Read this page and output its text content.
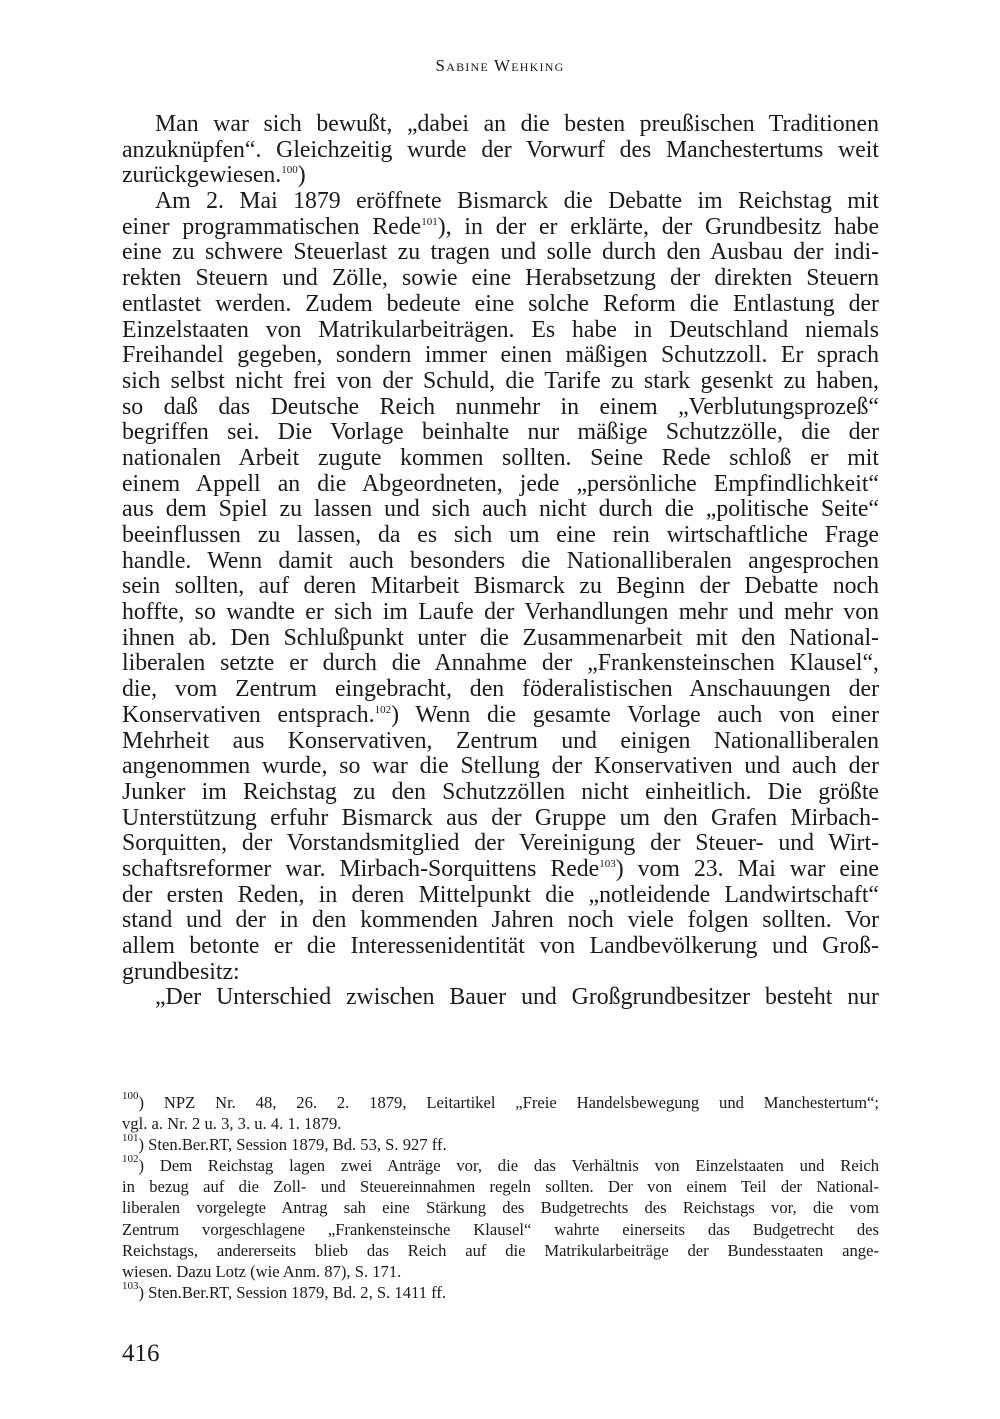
Sabine Wehking
Man war sich bewußt, „dabei an die besten preußischen Traditionen
anzuknüpfen“. Gleichzeitig wurde der Vorwurf des Manchestertums weit
zurückgewiesen.$^{100}$)
Am 2. Mai 1879 eröffnete Bismarck die Debatte im Reichstag mit
einer programmatischen Rede$^{101}$), in der er erklärte, der Grundbesitz habe
eine zu schwere Steuerlast zu tragen und solle durch den Ausbau der indi-
rekten Steuern und Zölle, sowie eine Herabsetzung der direkten Steuern
entlastet werden. Zudem bedeute eine solche Reform die Entlastung der
Einzelstaaten von Matrikularbeiträgen. Es habe in Deutschland niemals
Freihandel gegeben, sondern immer einen mäßigen Schutzzoll. Er sprach
sich selbst nicht frei von der Schuld, die Tarife zu stark gesenkt zu haben,
so daß das Deutsche Reich nunmehr in einem „Verblutungsprozeß“
begriffen sei. Die Vorlage beinhalte nur mäßige Schutzzölle, die der
nationalen Arbeit zugute kommen sollten. Seine Rede schloß er mit
einem Appell an die Abgeordneten, jede „persönliche Empfindlichkeit“
aus dem Spiel zu lassen und sich auch nicht durch die „politische Seite“
beeinflussen zu lassen, da es sich um eine rein wirtschaftliche Frage
handle. Wenn damit auch besonders die Nationalliberalen angesprochen
sein sollten, auf deren Mitarbeit Bismarck zu Beginn der Debatte noch
hoffte, so wandte er sich im Laufe der Verhandlungen mehr und mehr von
ihnen ab. Den Schlußpunkt unter die Zusammenarbeit mit den National-
liberalen setzte er durch die Annahme der „Frankensteinschen Klausel“,
die, vom Zentrum eingebracht, den föderalistischen Anschauungen der
Konservativen entsprach.$^{102}$) Wenn die gesamte Vorlage auch von einer
Mehrheit aus Konservativen, Zentrum und einigen Nationalliberalen
angenommen wurde, so war die Stellung der Konservativen und auch der
Junker im Reichstag zu den Schutzzöllen nicht einheitlich. Die größte
Unterstützung erfuhr Bismarck aus der Gruppe um den Grafen Mirbach-
Sorquitten, der Vorstandsmitglied der Vereinigung der Steuer- und Wirt-
schaftsreformer war. Mirbach-Sorquittens Rede$^{103}$) vom 23. Mai war eine
der ersten Reden, in deren Mittelpunkt die „notleidende Landwirtschaft“
stand und der in den kommenden Jahren noch viele folgen sollten. Vor
allem betonte er die Interessenidentität von Landbevölkerung und Groß-
grundbesitz:
„Der Unterschied zwischen Bauer und Großgrundbesitzer besteht nur
$^{100}$) NPZ Nr. 48, 26. 2. 1879, Leitartikel „Freie Handelsbewegung und Manchestertum“;
vgl. a. Nr. 2 u. 3, 3. u. 4. 1. 1879.
$^{101}$) Sten.Ber.RT, Session 1879, Bd. 53, S. 927 ff.
$^{102}$) Dem Reichstag lagen zwei Anträge vor, die das Verhältnis von Einzelstaaten und Reich
in bezug auf die Zoll- und Steuereinnahmen regeln sollten. Der von einem Teil der National-
liberalen vorgelegte Antrag sah eine Stärkung des Budgetrechts des Reichstags vor, die vom
Zentrum vorgeschlagene „Frankensteinsche Klausel“ wahrte einerseits das Budgetrecht des
Reichstags, andererseits blieb das Reich auf die Matrikularbeiträge der Bundesstaaten ange-
wiesen. Dazu Lotz (wie Anm. 87), S. 171.
$^{103}$) Sten.Ber.RT, Session 1879, Bd. 2, S. 1411 ff.
416
